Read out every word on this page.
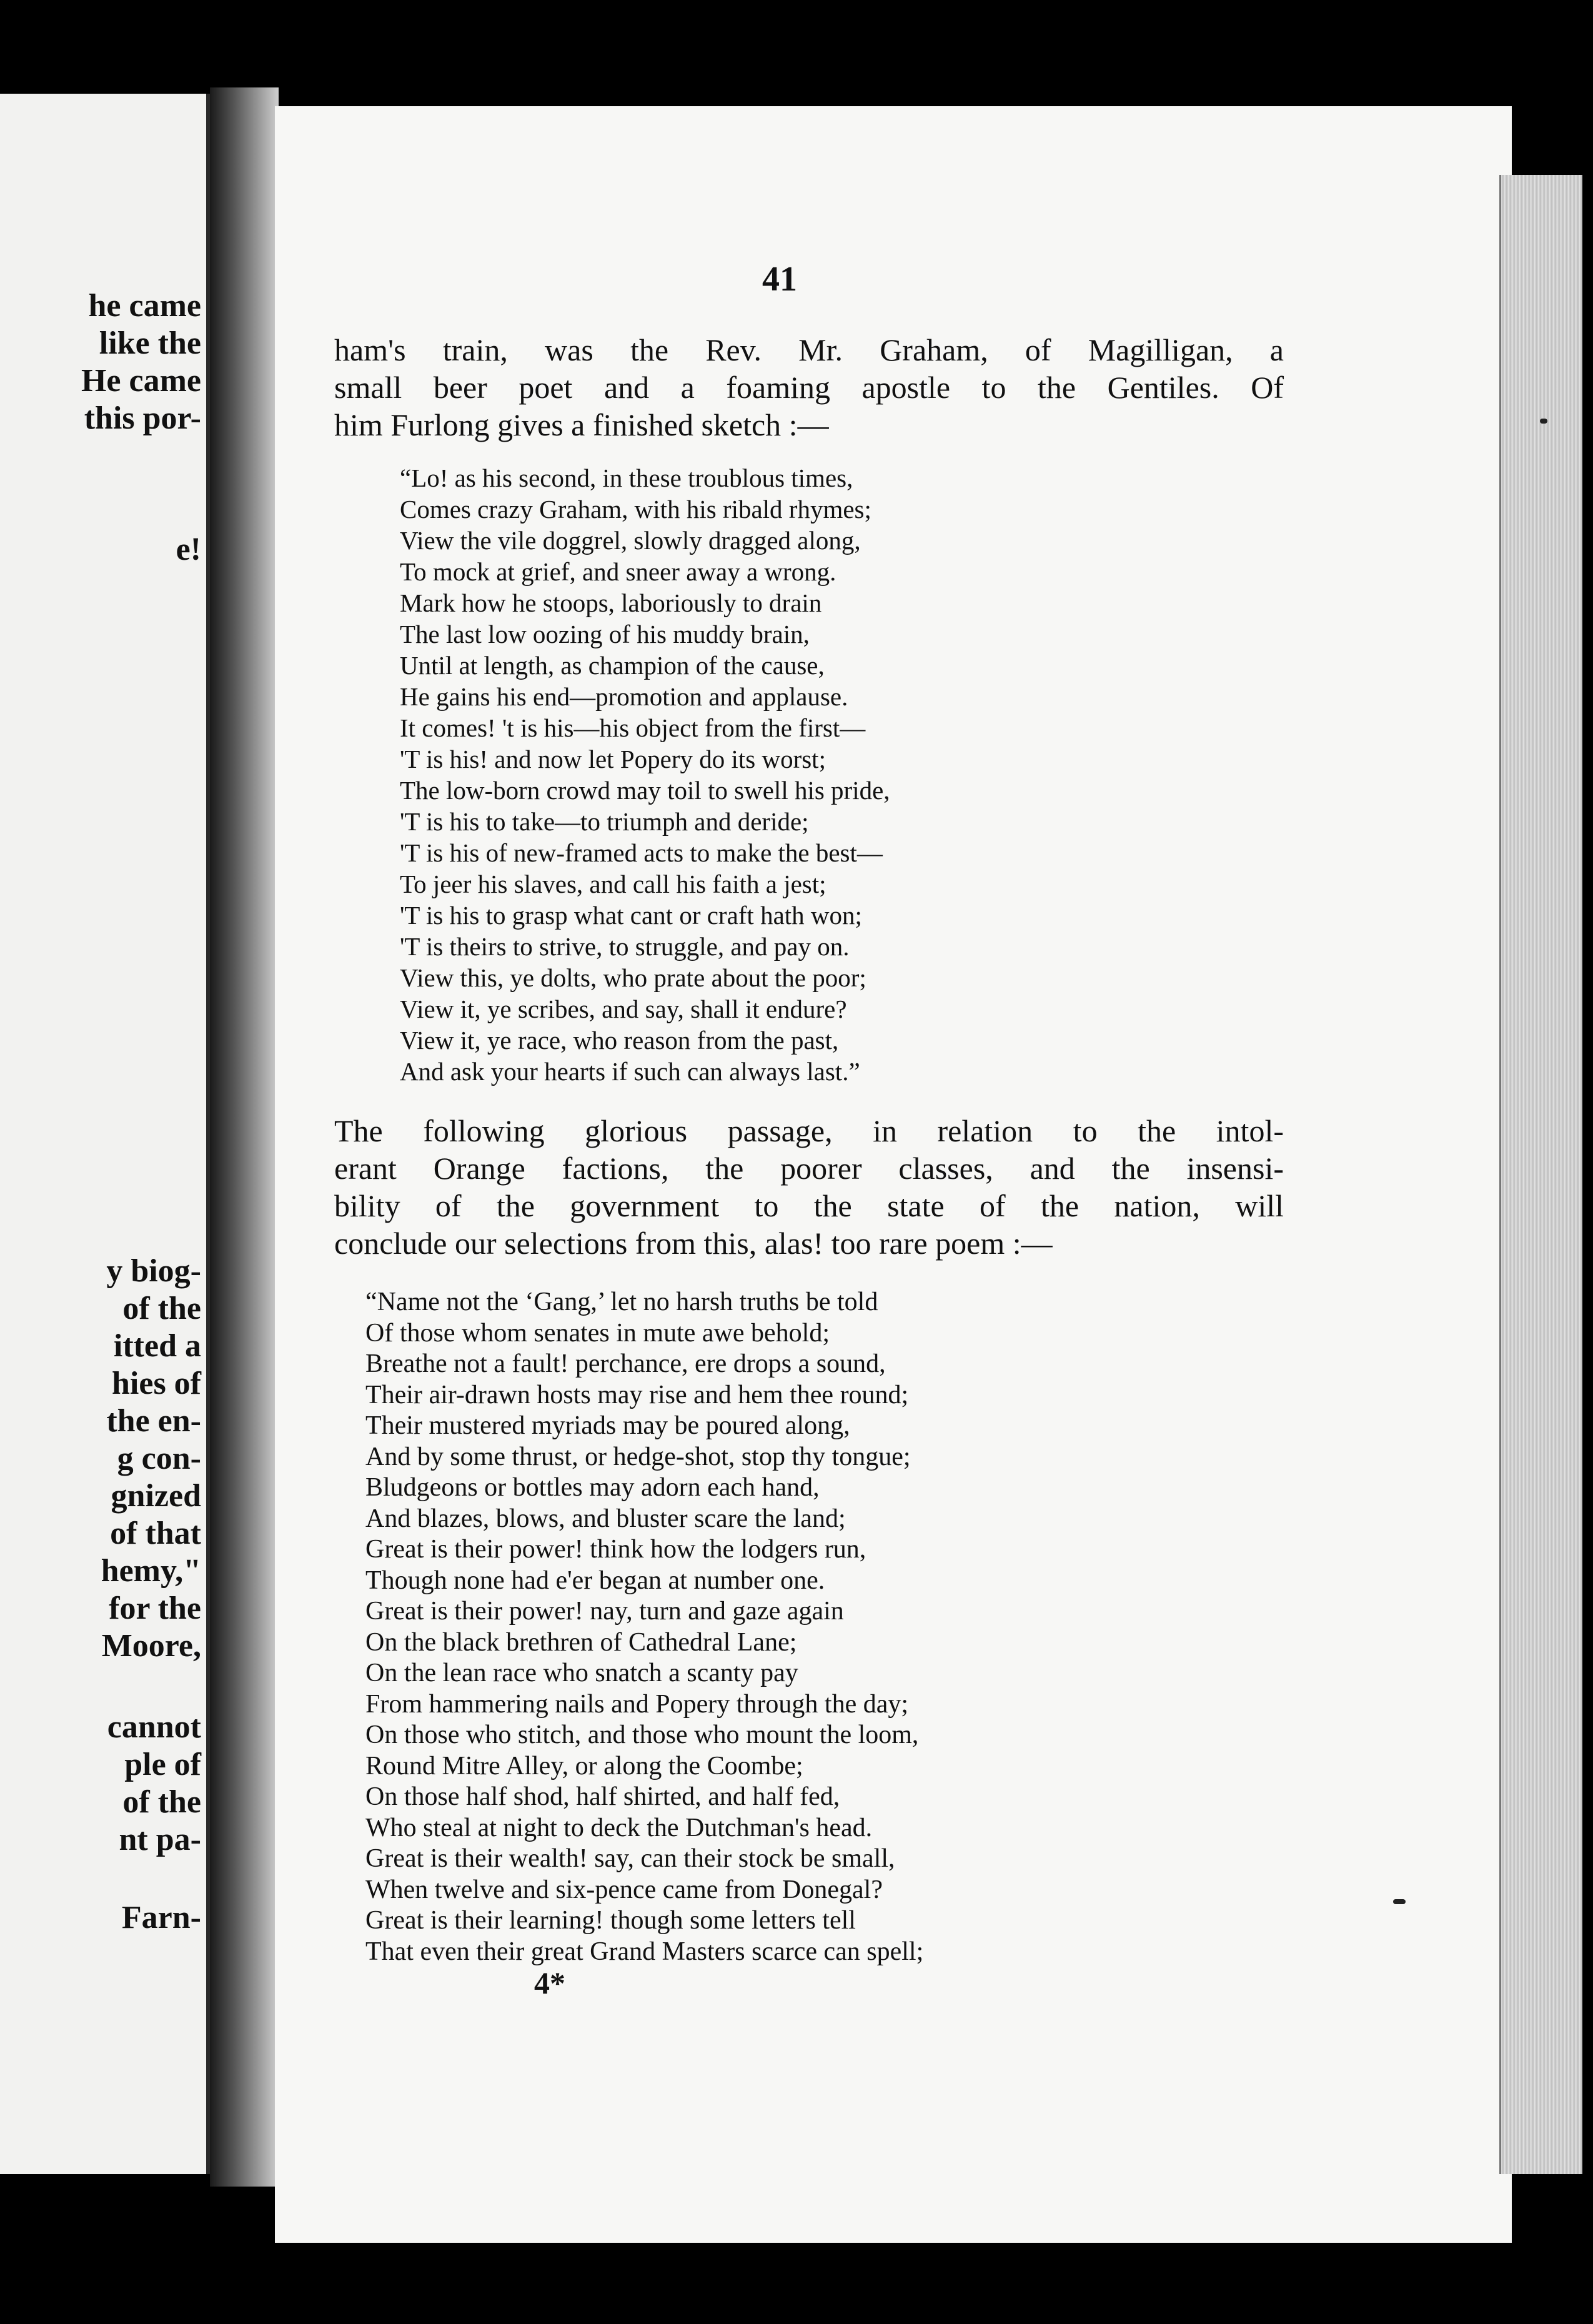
he came
like the
He came
this por-
e!
y biog-
of the
itted a
hies of
the en-
g con-
gnized
of that
hemy,"
for the
Moore,
cannot
ple of
of the
nt pa-
Farn-
41

ham's train, was the Rev. Mr. Graham, of Magilligan, a
small beer poet and a foaming apostle to the Gentiles. Of
him Furlong gives a finished sketch :—

“Lo! as his second, in these troublous times,
Comes crazy Graham, with his ribald rhymes;
View the vile doggrel, slowly dragged along,
To mock at grief, and sneer away a wrong.
Mark how he stoops, laboriously to drain
The last low oozing of his muddy brain,
Until at length, as champion of the cause,
He gains his end—promotion and applause.
It comes! 't is his—his object from the first—
'T is his! and now let Popery do its worst;
The low-born crowd may toil to swell his pride,
'T is his to take—to triumph and deride;
'T is his of new-framed acts to make the best—
To jeer his slaves, and call his faith a jest;
'T is his to grasp what cant or craft hath won;
'T is theirs to strive, to struggle, and pay on.
View this, ye dolts, who prate about the poor;
View it, ye scribes, and say, shall it endure?
View it, ye race, who reason from the past,
And ask your hearts if such can always last.”

The following glorious passage, in relation to the intol-
erant Orange factions, the poorer classes, and the insensi-
bility of the government to the state of the nation, will
conclude our selections from this, alas! too rare poem :—

“Name not the ‘Gang,’ let no harsh truths be told
Of those whom senates in mute awe behold;
Breathe not a fault! perchance, ere drops a sound,
Their air-drawn hosts may rise and hem thee round;
Their mustered myriads may be poured along,
And by some thrust, or hedge-shot, stop thy tongue;
Bludgeons or bottles may adorn each hand,
And blazes, blows, and bluster scare the land;
Great is their power! think how the lodgers run,
Though none had e'er began at number one.
Great is their power! nay, turn and gaze again
On the black brethren of Cathedral Lane;
On the lean race who snatch a scanty pay
From hammering nails and Popery through the day;
On those who stitch, and those who mount the loom,
Round Mitre Alley, or along the Coombe;
On those half shod, half shirted, and half fed,
Who steal at night to deck the Dutchman's head.
Great is their wealth! say, can their stock be small,
When twelve and six-pence came from Donegal?
Great is their learning! though some letters tell
That even their great Grand Masters scarce can spell;
4*
